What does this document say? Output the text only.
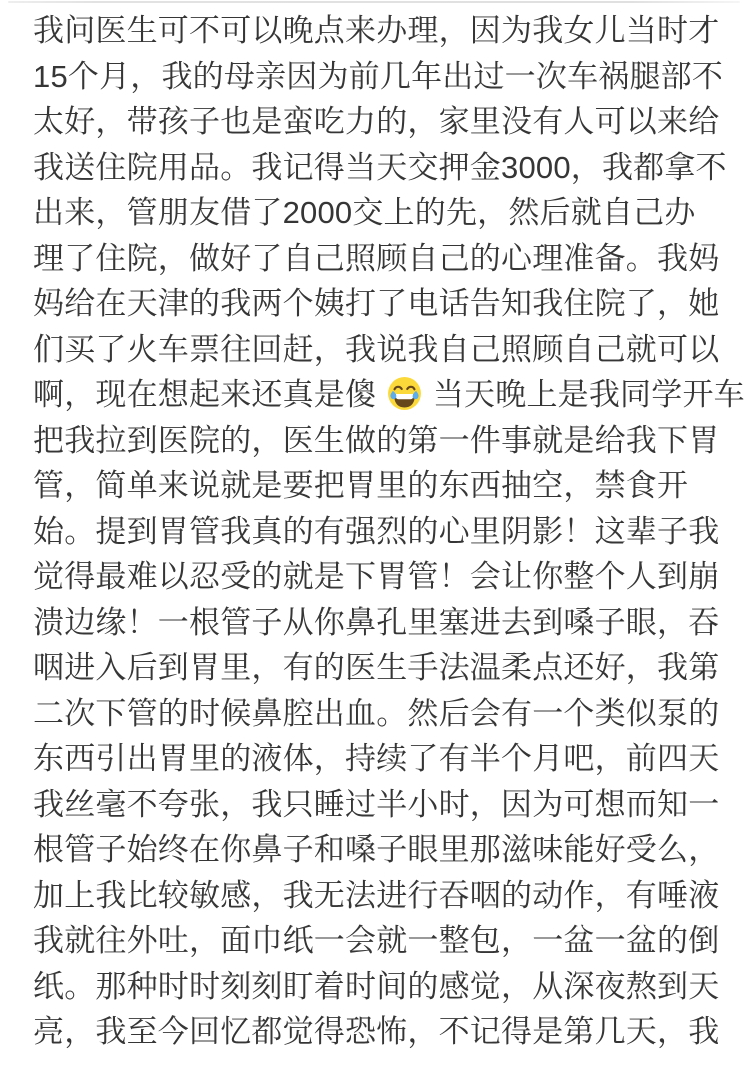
我问医生可不可以晚点来办理，因为我女儿当时才
15个月，我的母亲因为前几年出过一次车祸腿部不
太好，带孩子也是蛮吃力的，家里没有人可以来给
我送住院用品。我记得当天交押金3000，我都拿不
出来，管朋友借了2000交上的先，然后就自己办
理了住院，做好了自己照顾自己的心理准备。我妈
妈给在天津的我两个姨打了电话告知我住院了，她
们买了火车票往回赶，我说我自己照顾自己就可以
啊，现在想起来还真是傻 当天晚上是我同学开车
把我拉到医院的，医生做的第一件事就是给我下胃
管，简单来说就是要把胃里的东西抽空，禁食开
始。提到胃管我真的有强烈的心里阴影！这辈子我
觉得最难以忍受的就是下胃管！会让你整个人到崩
溃边缘！一根管子从你鼻孔里塞进去到嗓子眼，吞
咽进入后到胃里，有的医生手法温柔点还好，我第
二次下管的时候鼻腔出血。然后会有一个类似泵的
东西引出胃里的液体，持续了有半个月吧，前四天
我丝毫不夸张，我只睡过半小时，因为可想而知一
根管子始终在你鼻子和嗓子眼里那滋味能好受么，
加上我比较敏感，我无法进行吞咽的动作，有唾液
我就往外吐，面巾纸一会就一整包，一盆一盆的倒
纸。那种时时刻刻盯着时间的感觉，从深夜熬到天
亮，我至今回忆都觉得恐怖，不记得是第几天，我
